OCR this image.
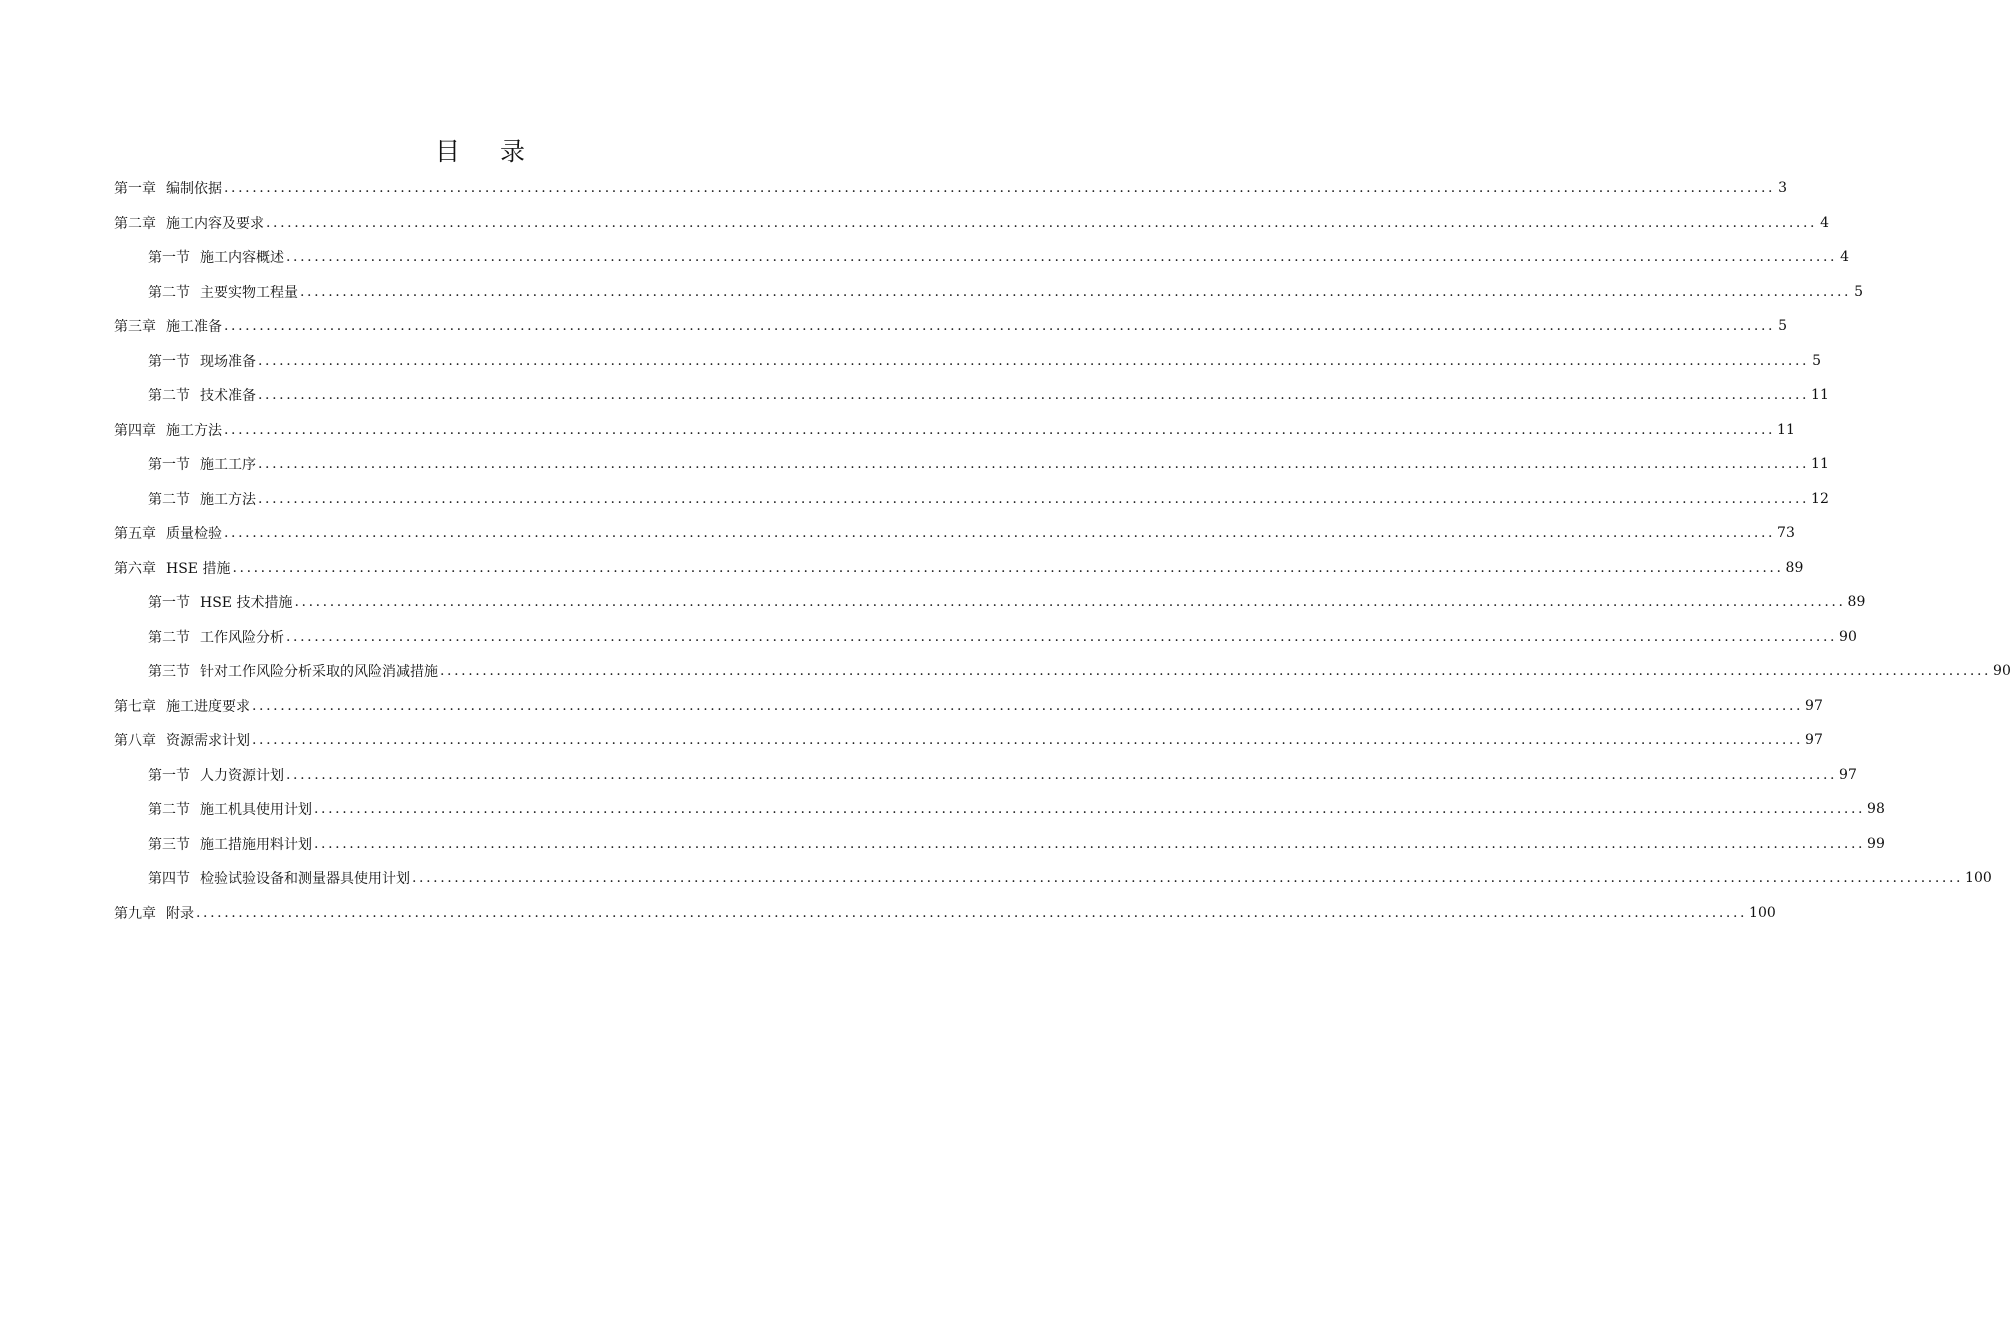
目录
第一章 编制依据 ............................................................................................................................................................................................................................ 3
第二章 施工内容及要求 ............................................................................................................................................................................................................................ 4
第一节 施工内容概述 ............................................................................................................................................................................................................................ 4
第二节 主要实物工程量 ............................................................................................................................................................................................................................ 5
第三章 施工准备 ............................................................................................................................................................................................................................ 5
第一节 现场准备 ............................................................................................................................................................................................................................ 5
第二节 技术准备 ............................................................................................................................................................................................................................ 11
第四章 施工方法 ............................................................................................................................................................................................................................ 11
第一节 施工工序 ............................................................................................................................................................................................................................ 11
第二节 施工方法 ............................................................................................................................................................................................................................ 12
第五章 质量检验 ............................................................................................................................................................................................................................ 73
第六章 HSE 措施 ............................................................................................................................................................................................................................ 89
第一节 HSE 技术措施 ............................................................................................................................................................................................................................ 89
第二节 工作风险分析 ............................................................................................................................................................................................................................ 90
第三节 针对工作风险分析采取的风险消减措施 ............................................................................................................................................................................................................................ 90
第七章 施工进度要求 ............................................................................................................................................................................................................................ 97
第八章 资源需求计划 ............................................................................................................................................................................................................................ 97
第一节 人力资源计划 ............................................................................................................................................................................................................................ 97
第二节 施工机具使用计划 ............................................................................................................................................................................................................................ 98
第三节 施工措施用料计划 ............................................................................................................................................................................................................................ 99
第四节 检验试验设备和测量器具使用计划 ............................................................................................................................................................................................................................ 100
第九章 附录 ............................................................................................................................................................................................................................ 100
